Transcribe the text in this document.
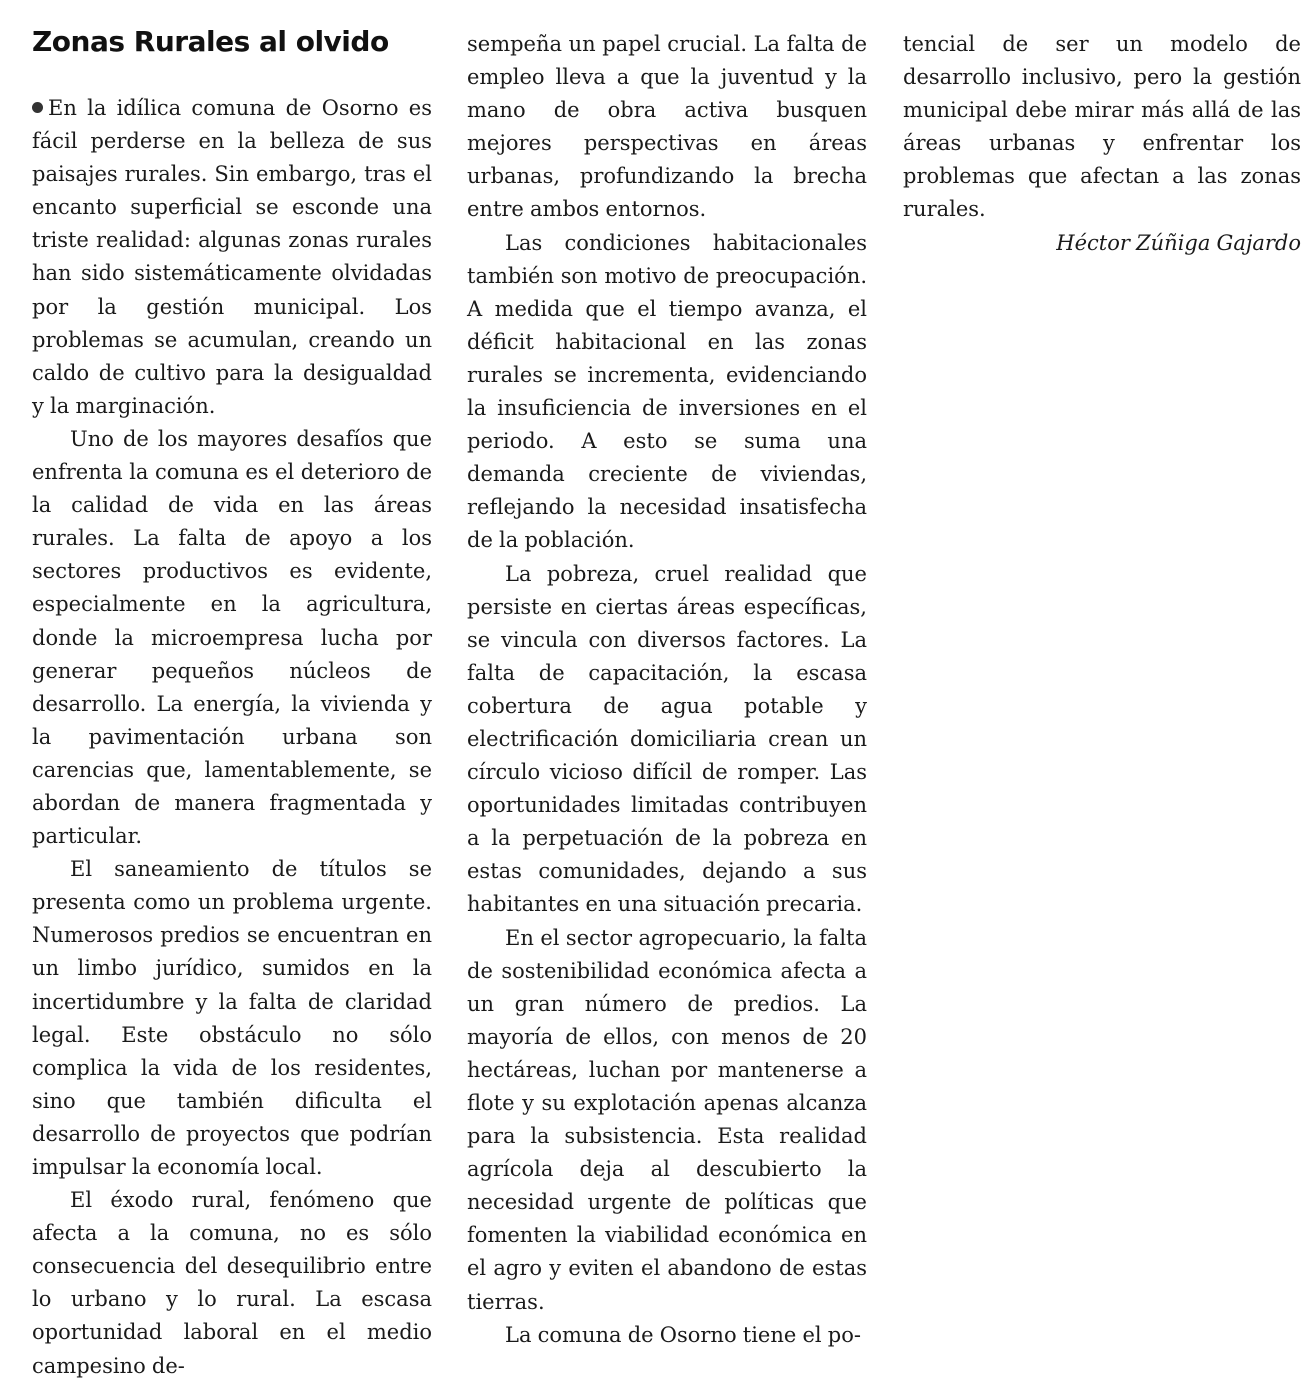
Zonas Rurales al olvido

En la idílica comuna de Osorno es fácil perderse en la belleza de sus paisajes rurales. Sin embargo, tras el encanto superficial se esconde una triste realidad: algunas zonas rurales han sido sistemáticamente olvidadas por la gestión municipal. Los problemas se acumulan, creando un caldo de cultivo para la desigualdad y la marginación.

Uno de los mayores desafíos que enfrenta la comuna es el deterioro de la calidad de vida en las áreas rurales. La falta de apoyo a los sectores productivos es evidente, especialmente en la agricultura, donde la microempresa lucha por generar pequeños núcleos de desarrollo. La energía, la vivienda y la pavimentación urbana son carencias que, lamentablemente, se abordan de manera fragmentada y particular.

El saneamiento de títulos se presenta como un problema urgente. Numerosos predios se encuentran en un limbo jurídico, sumidos en la incertidumbre y la falta de claridad legal. Este obstáculo no sólo complica la vida de los residentes, sino que también dificulta el desarrollo de proyectos que podrían impulsar la economía local.

El éxodo rural, fenómeno que afecta a la comuna, no es sólo consecuencia del desequilibrio entre lo urbano y lo rural. La escasa oportunidad laboral en el medio campesino de-

sempeña un papel crucial. La falta de empleo lleva a que la juventud y la mano de obra activa busquen mejores perspectivas en áreas urbanas, profundizando la brecha entre ambos entornos.

Las condiciones habitacionales también son motivo de preocupación. A medida que el tiempo avanza, el déficit habitacional en las zonas rurales se incrementa, evidenciando la insuficiencia de inversiones en el periodo. A esto se suma una demanda creciente de viviendas, reflejando la necesidad insatisfecha de la población.

La pobreza, cruel realidad que persiste en ciertas áreas específicas, se vincula con diversos factores. La falta de capacitación, la escasa cobertura de agua potable y electrificación domiciliaria crean un círculo vicioso difícil de romper. Las oportunidades limitadas contribuyen a la perpetuación de la pobreza en estas comunidades, dejando a sus habitantes en una situación precaria.

En el sector agropecuario, la falta de sostenibilidad económica afecta a un gran número de predios. La mayoría de ellos, con menos de 20 hectáreas, luchan por mantenerse a flote y su explotación apenas alcanza para la subsistencia. Esta realidad agrícola deja al descubierto la necesidad urgente de políticas que fomenten la viabilidad económica en el agro y eviten el abandono de estas tierras.

La comuna de Osorno tiene el po-

tencial de ser un modelo de desarrollo inclusivo, pero la gestión municipal debe mirar más allá de las áreas urbanas y enfrentar los problemas que afectan a las zonas rurales.

Héctor Zúñiga Gajardo
